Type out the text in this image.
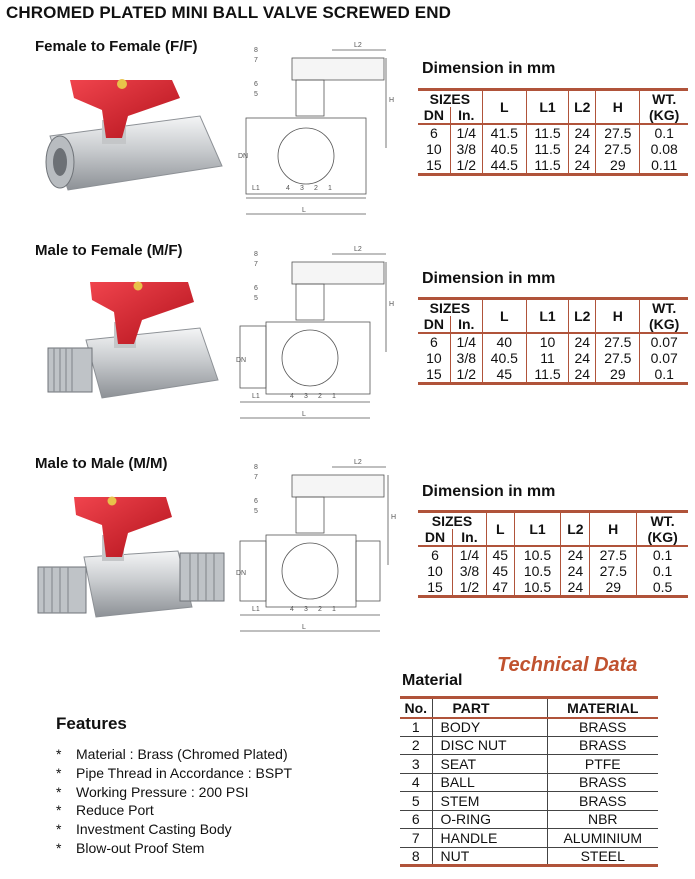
CHROMED PLATED MINI BALL VALVE SCREWED END
Female to Female (F/F)	L2
L1
L
H
DN
8
7
6
5
4 3 2 1
Dimension in mm
SIZES		L	L1	L2	H	WT.
DN	In.					(KG)
6	1/4	41.5	11.5	24	27.5	0.1
10	3/8	40.5	11.5	24	27.5	0.08
15	1/2	44.5	11.5	24	29	0.11
Male to Female (M/F)	L2
L1
L
H
DN
8
7
6
5
4 3 2 1
Dimension in mm
SIZES		L	L1	L2	H	WT.
DN	In.					(KG)
6	1/4	40	10	24	27.5	0.07
10	3/8	40.5	11	24	27.5	0.07
15	1/2	45	11.5	24	29	0.1
Male to Male (M/M)	L2
L1
L
H
DN
8
7
6
5
4 3 2 1
Dimension in mm
SIZES		L	L1	L2	H	WT.
DN	In.					(KG)
6	1/4	45	10.5	24	27.5	0.1
10	3/8	45	10.5	24	27.5	0.1
15	1/2	47	10.5	24	29	0.5
Technical Data
Material
No.	PART	MATERIAL
1	BODY	BRASS
2	DISC NUT	BRASS
3	SEAT	PTFE
4	BALL	BRASS
5	STEM	BRASS
6	O-RING	NBR
7	HANDLE	ALUMINIUM
8	NUT	STEEL
Features
* Material : Brass (Chromed Plated)
* Pipe Thread in Accordance : BSPT
* Working Pressure : 200 PSI
* Reduce Port
* Investment Casting Body
* Blow-out Proof Stem
